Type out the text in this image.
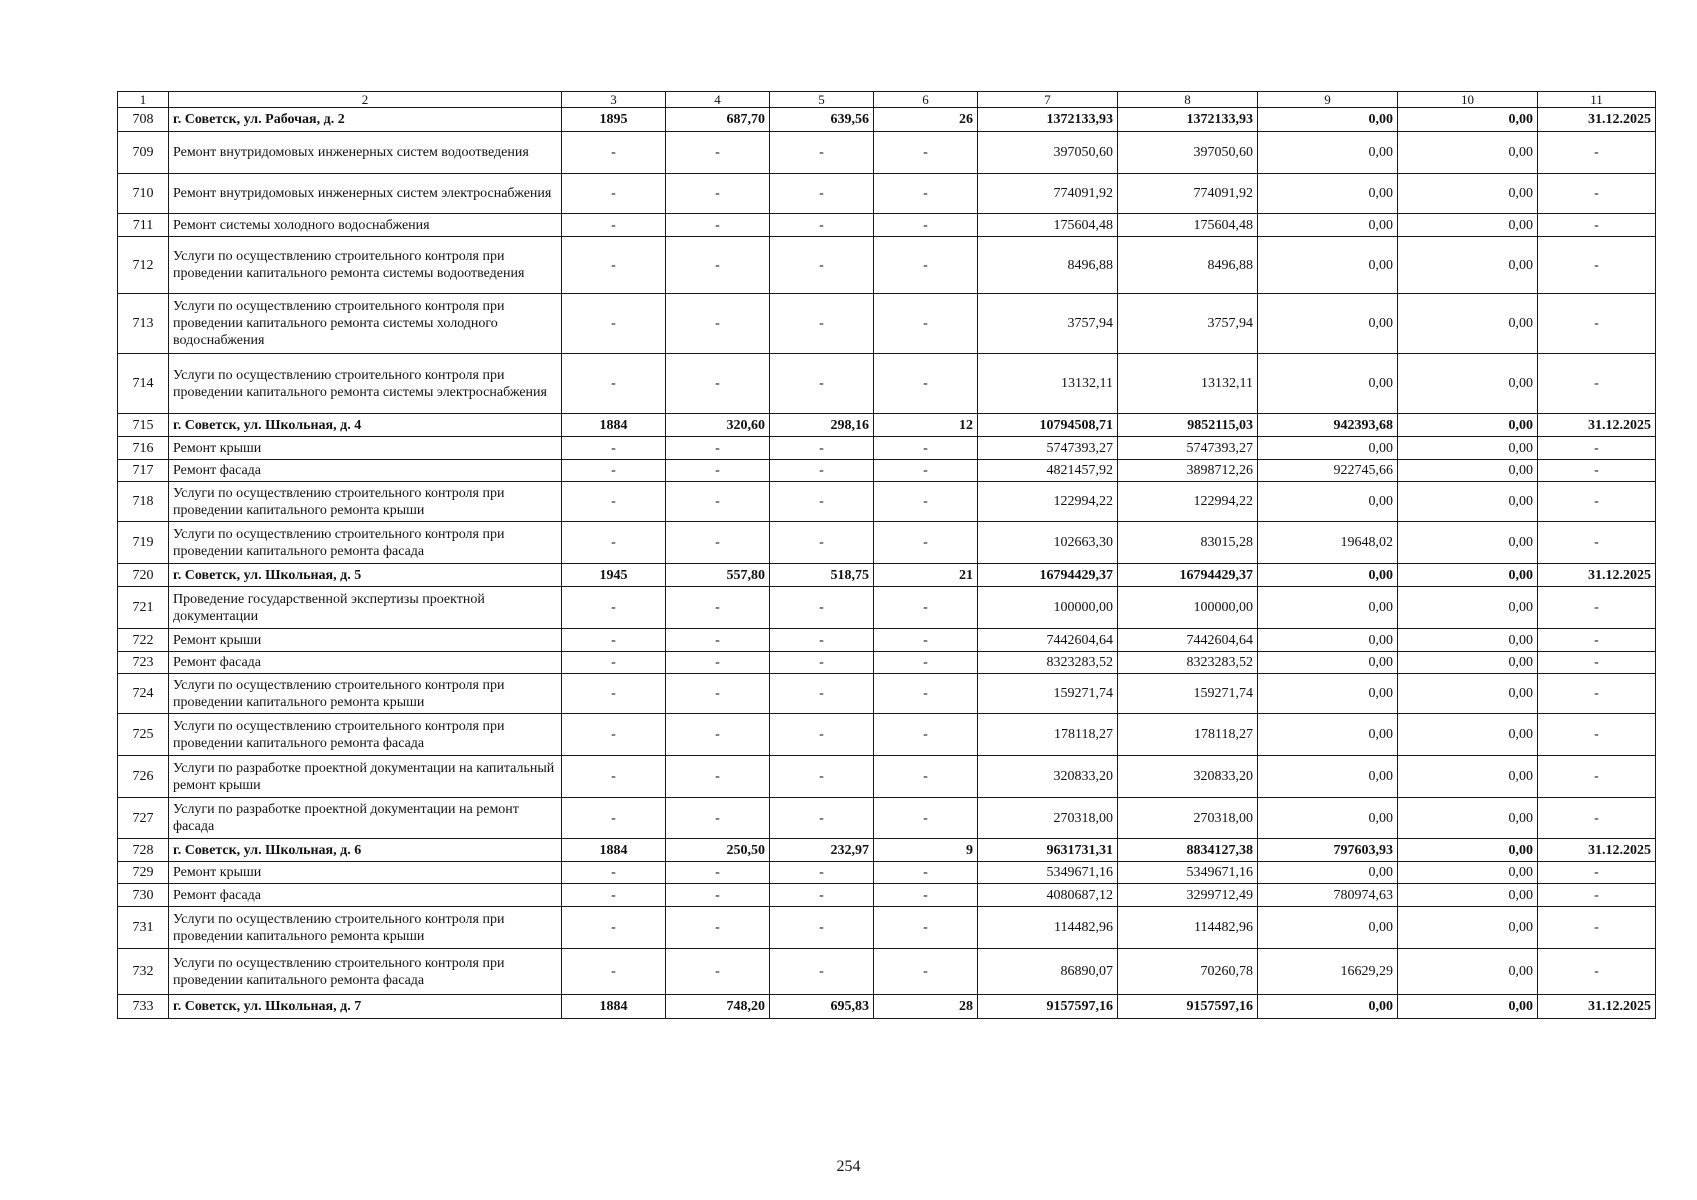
1	2	3	4	5	6	7	8	9	10	11
708	г. Советск, ул. Рабочая, д. 2	1895	687,70	639,56	26	1372133,93	1372133,93	0,00	0,00	31.12.2025
709	Ремонт внутридомовых инженерных систем водоотведения	-	-	-	-	397050,60	397050,60	0,00	0,00	-
710	Ремонт внутридомовых инженерных систем электроснабжения	-	-	-	-	774091,92	774091,92	0,00	0,00	-
711	Ремонт системы холодного водоснабжения	-	-	-	-	175604,48	175604,48	0,00	0,00	-
712	Услуги по осуществлению строительного контроля при проведении капитального ремонта системы водоотведения	-	-	-	-	8496,88	8496,88	0,00	0,00	-
713	Услуги по осуществлению строительного контроля при проведении капитального ремонта системы холодного водоснабжения	-	-	-	-	3757,94	3757,94	0,00	0,00	-
714	Услуги по осуществлению строительного контроля при проведении капитального ремонта системы электроснабжения	-	-	-	-	13132,11	13132,11	0,00	0,00	-
715	г. Советск, ул. Школьная, д. 4	1884	320,60	298,16	12	10794508,71	9852115,03	942393,68	0,00	31.12.2025
716	Ремонт крыши	-	-	-	-	5747393,27	5747393,27	0,00	0,00	-
717	Ремонт фасада	-	-	-	-	4821457,92	3898712,26	922745,66	0,00	-
718	Услуги по осуществлению строительного контроля при проведении капитального ремонта крыши	-	-	-	-	122994,22	122994,22	0,00	0,00	-
719	Услуги по осуществлению строительного контроля при проведении капитального ремонта фасада	-	-	-	-	102663,30	83015,28	19648,02	0,00	-
720	г. Советск, ул. Школьная, д. 5	1945	557,80	518,75	21	16794429,37	16794429,37	0,00	0,00	31.12.2025
721	Проведение государственной экспертизы проектной документации	-	-	-	-	100000,00	100000,00	0,00	0,00	-
722	Ремонт крыши	-	-	-	-	7442604,64	7442604,64	0,00	0,00	-
723	Ремонт фасада	-	-	-	-	8323283,52	8323283,52	0,00	0,00	-
724	Услуги по осуществлению строительного контроля при проведении капитального ремонта крыши	-	-	-	-	159271,74	159271,74	0,00	0,00	-
725	Услуги по осуществлению строительного контроля при проведении капитального ремонта фасада	-	-	-	-	178118,27	178118,27	0,00	0,00	-
726	Услуги по разработке проектной документации на капитальный ремонт крыши	-	-	-	-	320833,20	320833,20	0,00	0,00	-
727	Услуги по разработке проектной документации на ремонт фасада	-	-	-	-	270318,00	270318,00	0,00	0,00	-
728	г. Советск, ул. Школьная, д. 6	1884	250,50	232,97	9	9631731,31	8834127,38	797603,93	0,00	31.12.2025
729	Ремонт крыши	-	-	-	-	5349671,16	5349671,16	0,00	0,00	-
730	Ремонт фасада	-	-	-	-	4080687,12	3299712,49	780974,63	0,00	-
731	Услуги по осуществлению строительного контроля при проведении капитального ремонта крыши	-	-	-	-	114482,96	114482,96	0,00	0,00	-
732	Услуги по осуществлению строительного контроля при проведении капитального ремонта фасада	-	-	-	-	86890,07	70260,78	16629,29	0,00	-
733	г. Советск, ул. Школьная, д. 7	1884	748,20	695,83	28	9157597,16	9157597,16	0,00	0,00	31.12.2025
254
